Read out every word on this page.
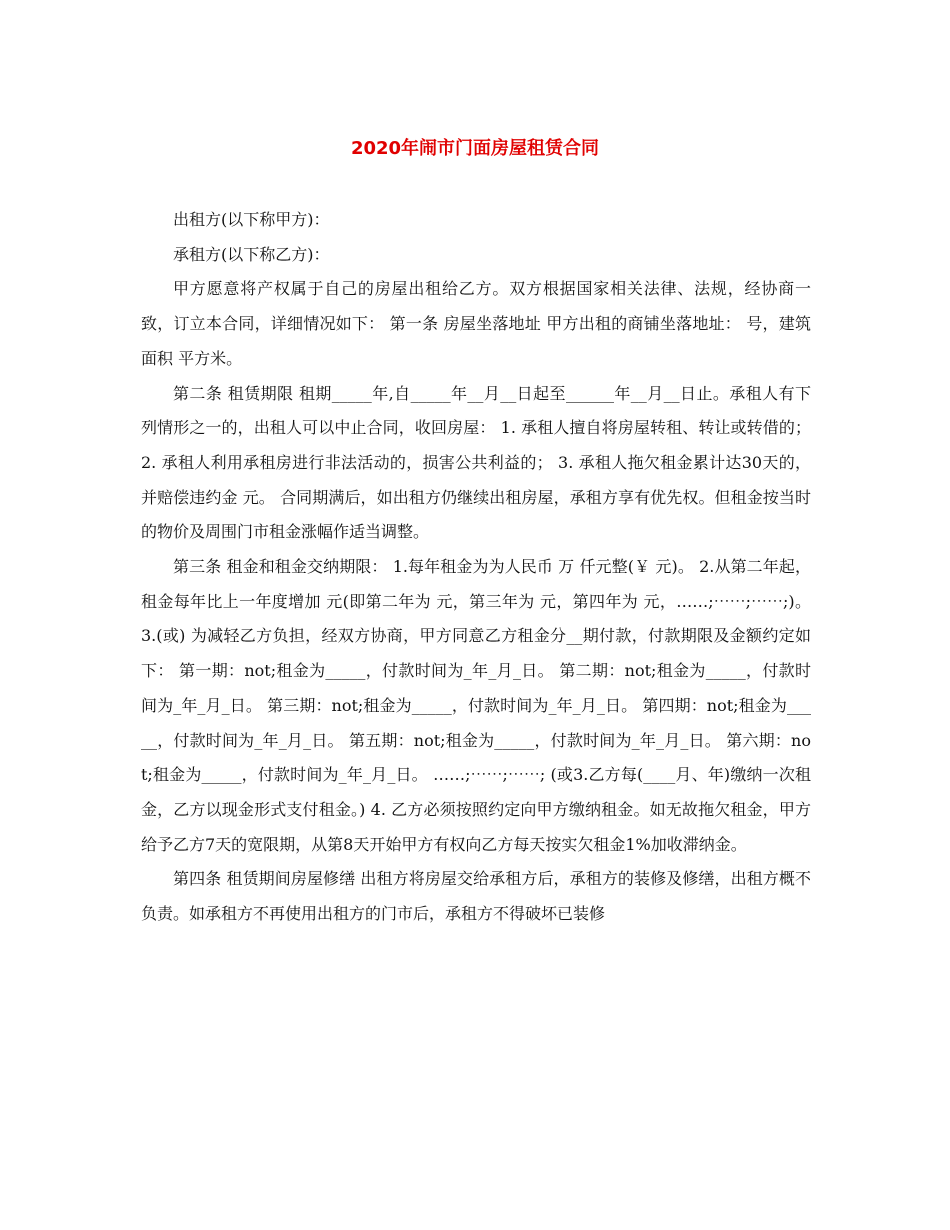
2020年闹市门面房屋租赁合同

出租方(以下称甲方)：

承租方(以下称乙方)：

甲方愿意将产权属于自己的房屋出租给乙方。双方根据国家相关法律、法规，经协商一致，订立本合同，详细情况如下： 第一条 房屋坐落地址 甲方出租的商铺坐落地址： 号，建筑面积 平方米。

第二条 租赁期限 租期_____年,自_____年__月__日起至______年__月__日止。承租人有下列情形之一的，出租人可以中止合同，收回房屋： 1. 承租人擅自将房屋转租、转让或转借的； 2. 承租人利用承租房进行非法活动的，损害公共利益的； 3. 承租人拖欠租金累计达30天的，并赔偿违约金 元。 合同期满后，如出租方仍继续出租房屋，承租方享有优先权。但租金按当时的物价及周围门市租金涨幅作适当调整。

第三条 租金和租金交纳期限： 1.每年租金为为人民币 万 仟元整(￥ 元)。 2.从第二年起，租金每年比上一年度增加 元(即第二年为 元，第三年为 元，第四年为 元，……;⋯⋯;⋯⋯;)。 3.(或) 为减轻乙方负担，经双方协商，甲方同意乙方租金分__期付款，付款期限及金额约定如下： 第一期：not;租金为_____，付款时间为_年_月_日。 第二期：not;租金为_____，付款时间为_年_月_日。 第三期：not;租金为_____，付款时间为_年_月_日。 第四期：not;租金为_____，付款时间为_年_月_日。 第五期：not;租金为_____，付款时间为_年_月_日。 第六期：not;租金为_____，付款时间为_年_月_日。 ……;⋯⋯;⋯⋯; (或3.乙方每(____月、年)缴纳一次租金，乙方以现金形式支付租金。) 4. 乙方必须按照约定向甲方缴纳租金。如无故拖欠租金，甲方给予乙方7天的宽限期，从第8天开始甲方有权向乙方每天按实欠租金1%加收滞纳金。

第四条 租赁期间房屋修缮 出租方将房屋交给承租方后，承租方的装修及修缮，出租方概不负责。如承租方不再使用出租方的门市后，承租方不得破坏已装修
